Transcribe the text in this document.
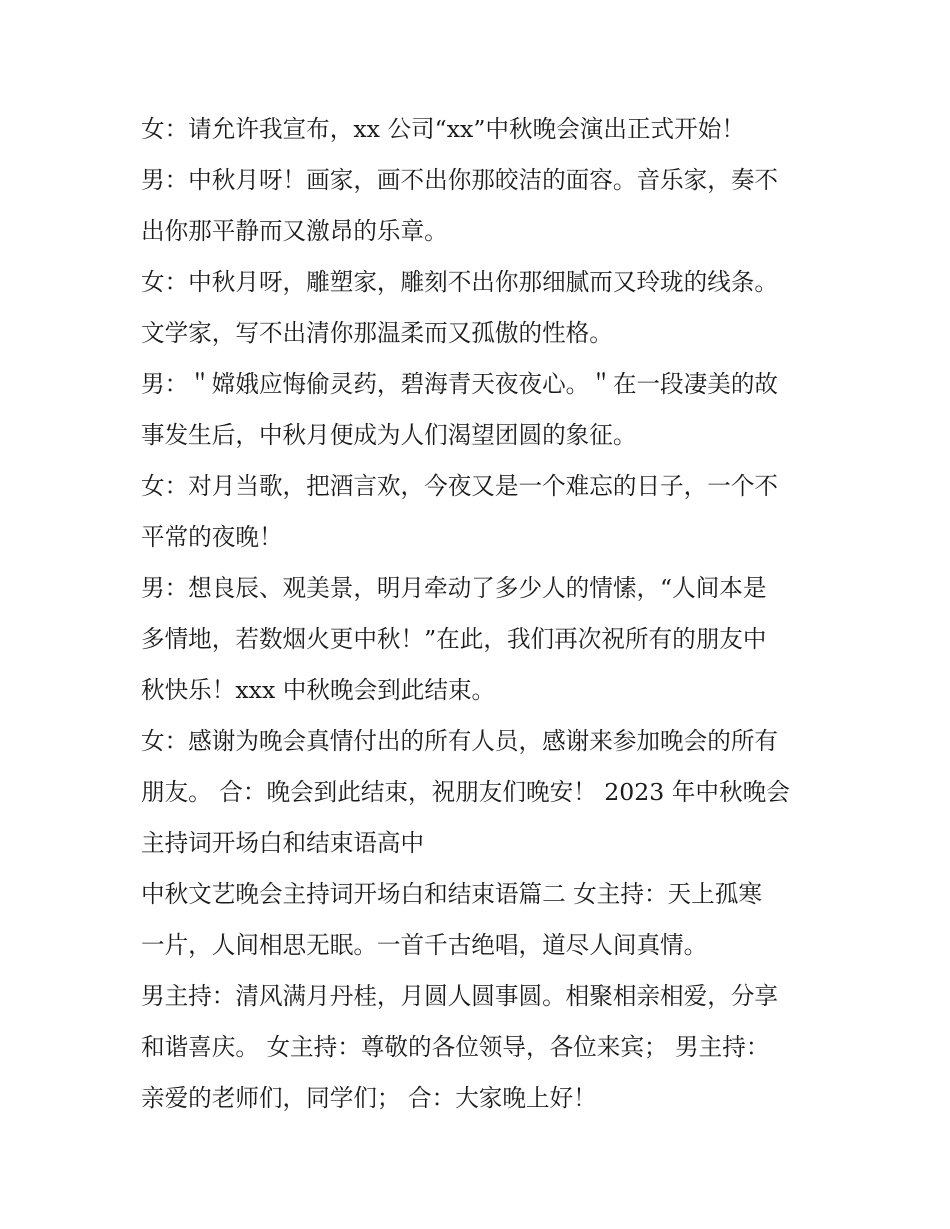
女：请允许我宣布，xx 公司“xx”中秋晚会演出正式开始！
男：中秋月呀！画家，画不出你那皎洁的面容。音乐家，奏不
出你那平静而又激昂的乐章。
女：中秋月呀，雕塑家，雕刻不出你那细腻而又玲珑的线条。
文学家，写不出清你那温柔而又孤傲的性格。
男：＂嫦娥应悔偷灵药，碧海青天夜夜心。＂在一段凄美的故
事发生后，中秋月便成为人们渴望团圆的象征。
女：对月当歌，把酒言欢，今夜又是一个难忘的日子，一个不
平常的夜晚！
男：想良辰、观美景，明月牵动了多少人的情愫，“人间本是
多情地，若数烟火更中秋！”在此，我们再次祝所有的朋友中
秋快乐！xxx 中秋晚会到此结束。
女：感谢为晚会真情付出的所有人员，感谢来参加晚会的所有
朋友。 合：晚会到此结束，祝朋友们晚安！ 2023 年中秋晚会
主持词开场白和结束语高中
中秋文艺晚会主持词开场白和结束语篇二 女主持：天上孤寒
一片，人间相思无眠。一首千古绝唱，道尽人间真情。
男主持：清风满月丹桂，月圆人圆事圆。相聚相亲相爱，分享
和谐喜庆。 女主持：尊敬的各位领导，各位来宾； 男主持：
亲爱的老师们，同学们； 合：大家晚上好！
